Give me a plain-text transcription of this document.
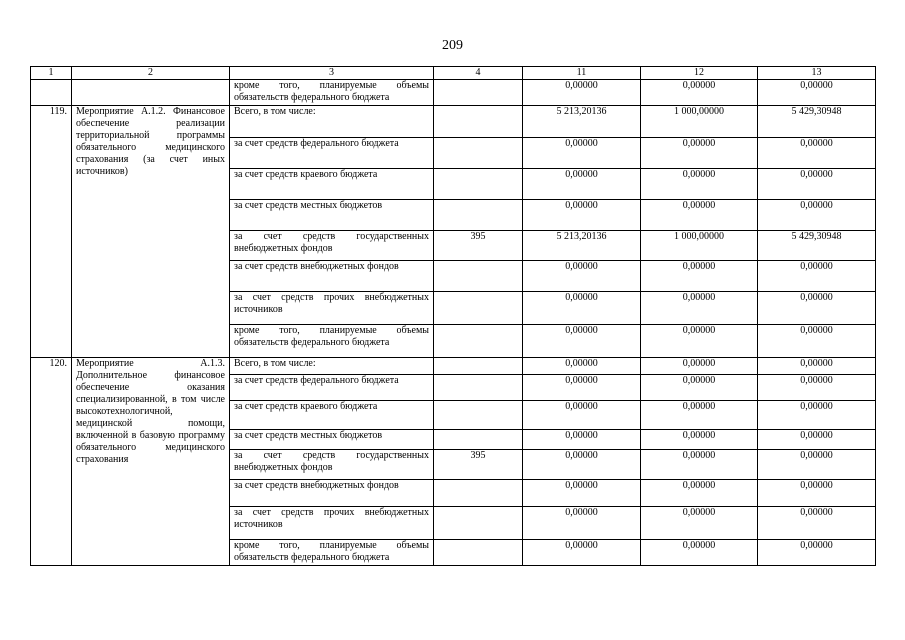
209
1	2	3	4	11	12	13
		кроме того, планируемые объемы обязательств федерального бюджета		0,00000	0,00000	0,00000
119.	Мероприятие А.1.2. Финансовое обеспечение реализации территориальной программы обязательного медицинского страхования (за счет иных источников)	Всего, в том числе:		5 213,20136	1 000,00000	5 429,30948
		за счет средств федерального бюджета		0,00000	0,00000	0,00000
		за счет средств краевого бюджета		0,00000	0,00000	0,00000
		за счет средств местных бюджетов		0,00000	0,00000	0,00000
		за счет средств государственных внебюджетных фондов	395	5 213,20136	1 000,00000	5 429,30948
		за счет средств внебюджетных фондов		0,00000	0,00000	0,00000
		за счет средств прочих внебюджетных источников		0,00000	0,00000	0,00000
		кроме того, планируемые объемы обязательств федерального бюджета		0,00000	0,00000	0,00000
120.	Мероприятие А.1.3. Дополнительное финансовое обеспечение оказания специализированной, в том числе высокотехнологичной, медицинской помощи, включенной в базовую программу обязательного медицинского страхования	Всего, в том числе:		0,00000	0,00000	0,00000
		за счет средств федерального бюджета		0,00000	0,00000	0,00000
		за счет средств краевого бюджета		0,00000	0,00000	0,00000
		за счет средств местных бюджетов		0,00000	0,00000	0,00000
		за счет средств государственных внебюджетных фондов	395	0,00000	0,00000	0,00000
		за счет средств внебюджетных фондов		0,00000	0,00000	0,00000
		за счет средств прочих внебюджетных источников		0,00000	0,00000	0,00000
		кроме того, планируемые объемы обязательств федерального бюджета		0,00000	0,00000	0,00000
